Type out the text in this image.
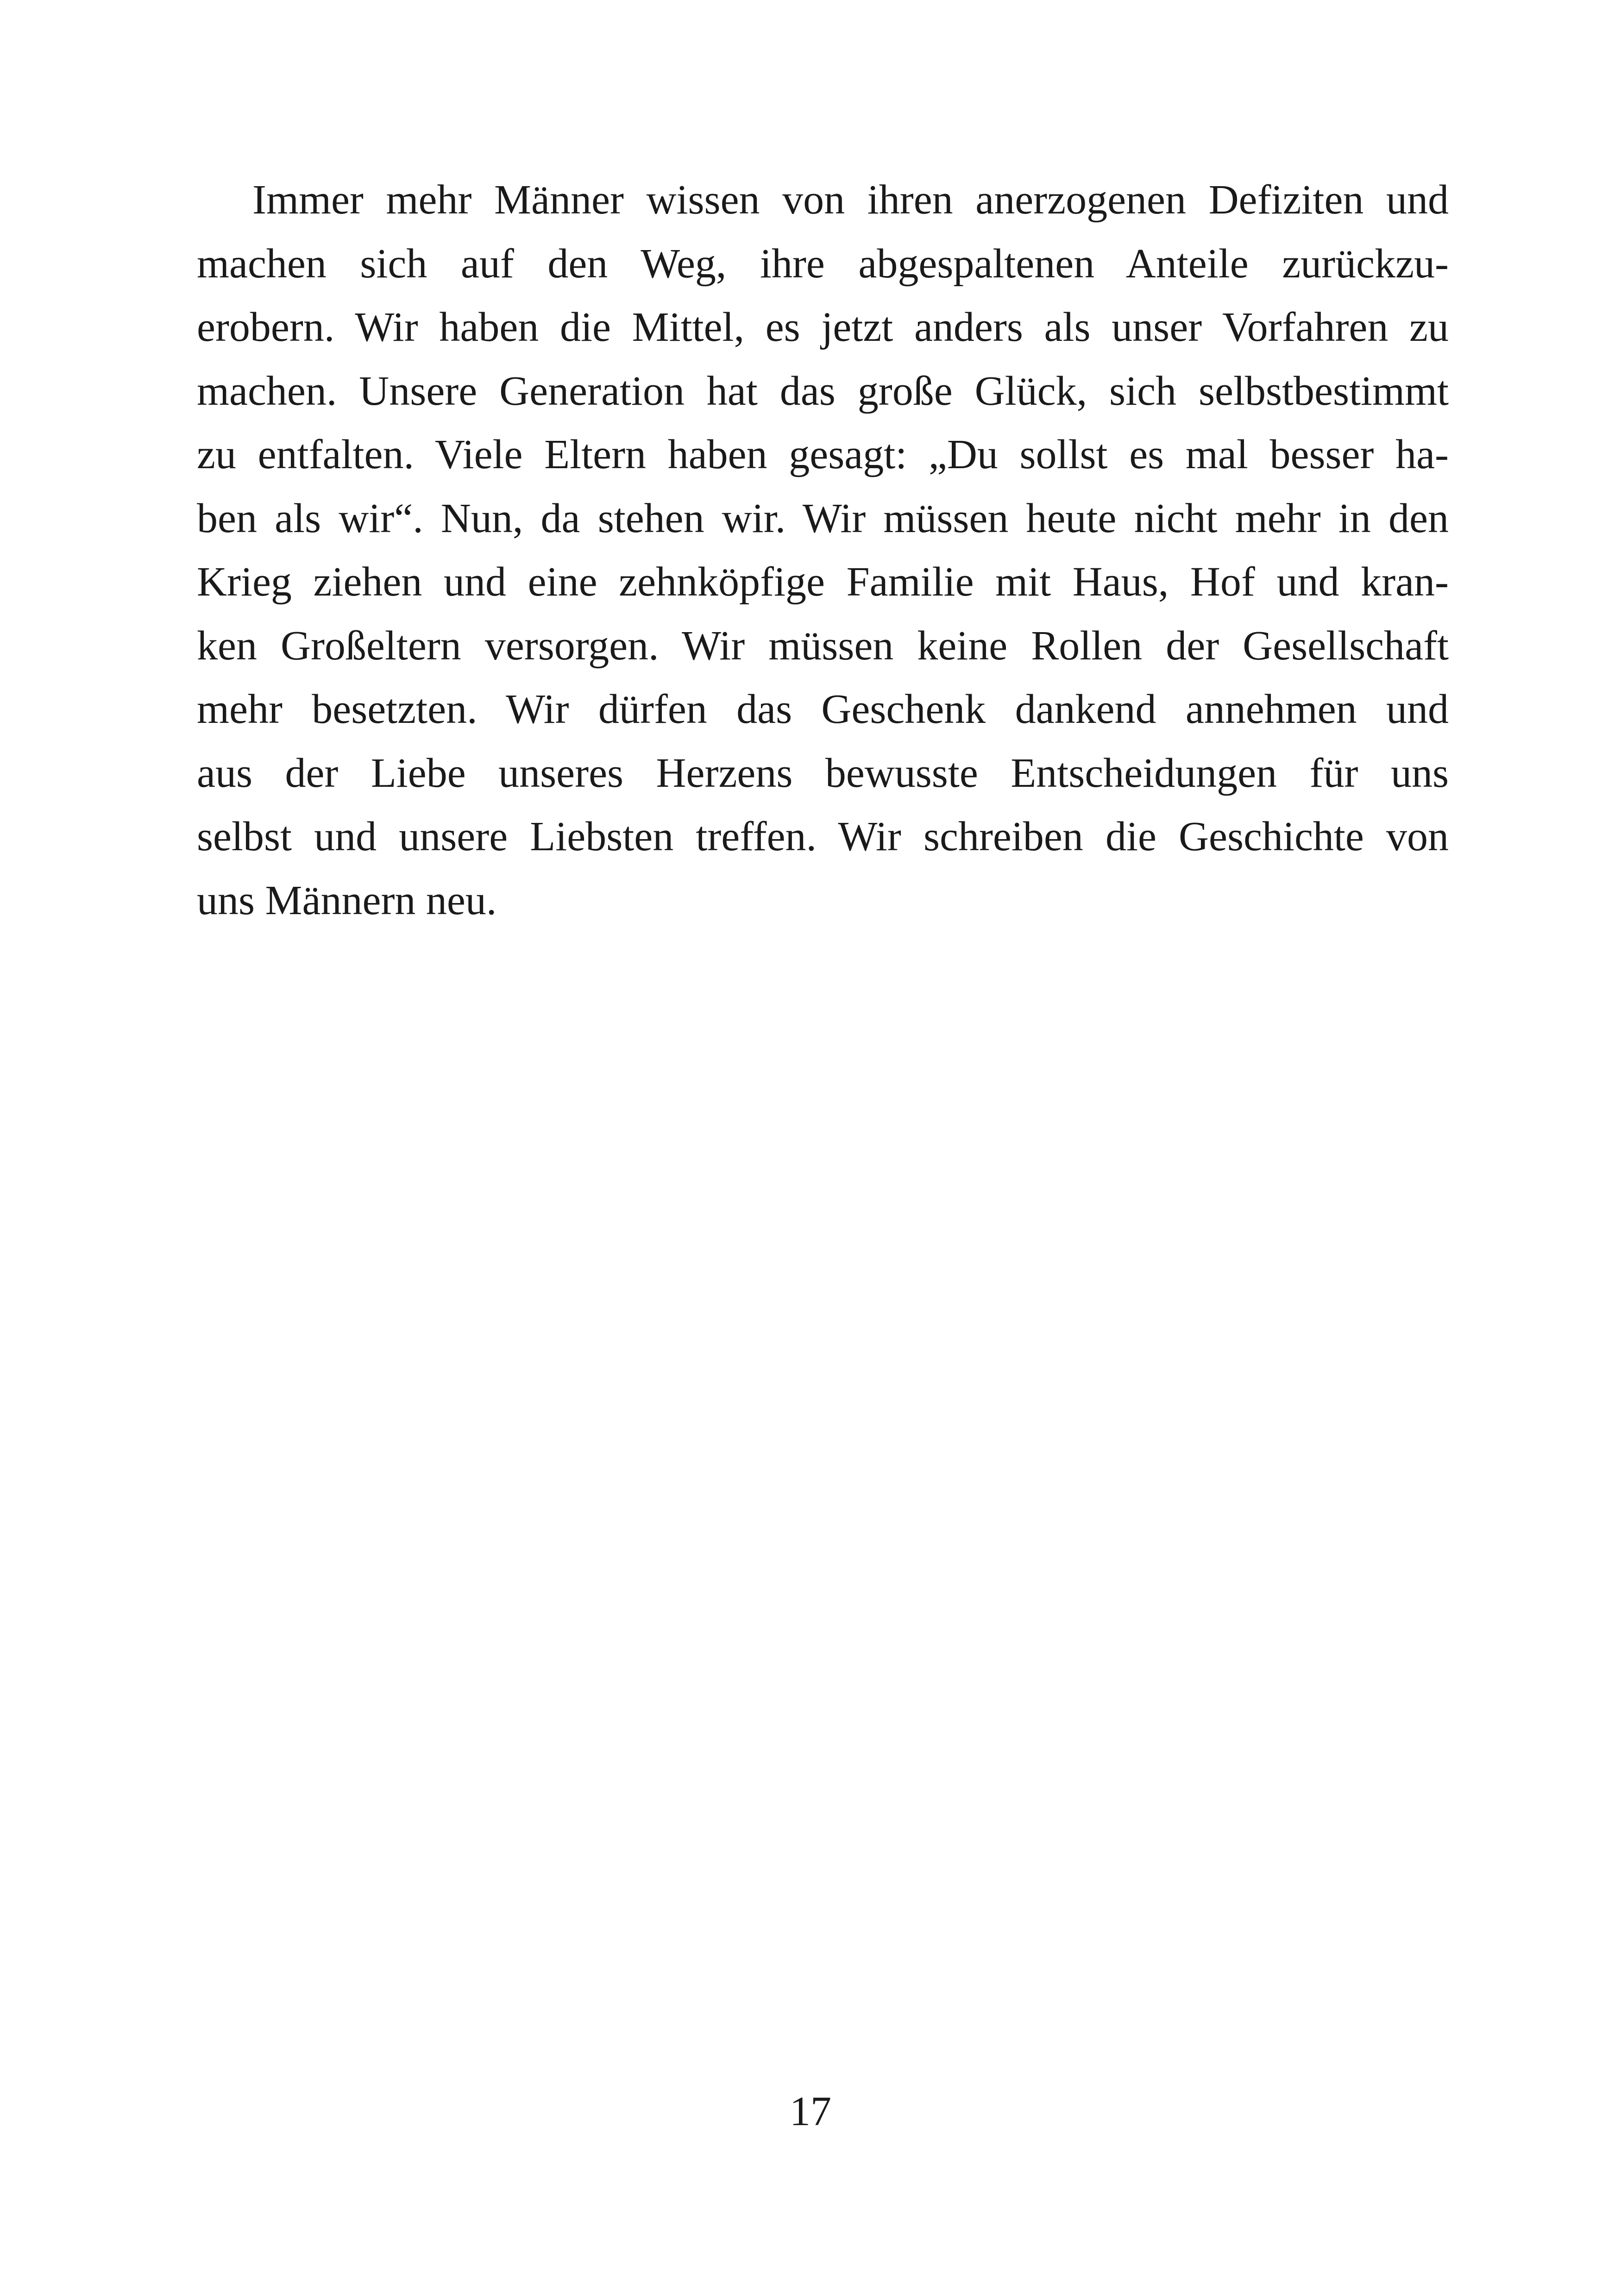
Immer mehr Männer wissen von ihren anerzogenen Defiziten und
machen sich auf den Weg, ihre abgespaltenen Anteile zurückzu-
erobern. Wir haben die Mittel, es jetzt anders als unser Vorfahren zu
machen. Unsere Generation hat das große Glück, sich selbstbestimmt
zu entfalten. Viele Eltern haben gesagt: „Du sollst es mal besser ha-
ben als wir“. Nun, da stehen wir. Wir müssen heute nicht mehr in den
Krieg ziehen und eine zehnköpfige Familie mit Haus, Hof und kran-
ken Großeltern versorgen. Wir müssen keine Rollen der Gesellschaft
mehr besetzten. Wir dürfen das Geschenk dankend annehmen und
aus der Liebe unseres Herzens bewusste Entscheidungen für uns
selbst und unsere Liebsten treffen. Wir schreiben die Geschichte von
uns Männern neu.
17
